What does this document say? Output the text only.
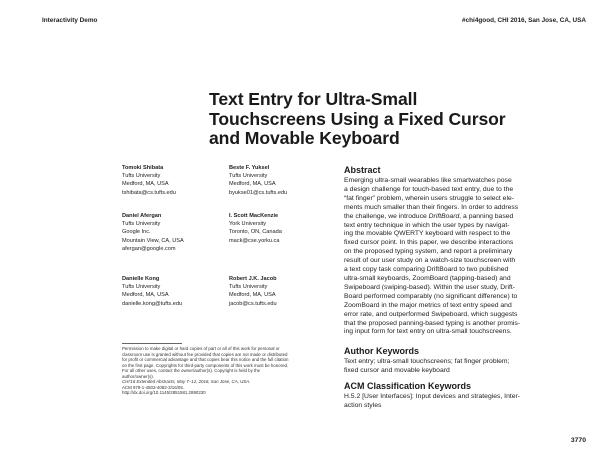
Interactivity Demo	#chi4good, CHI 2016, San Jose, CA, USA
Text Entry for Ultra-Small
Touchscreens Using a Fixed Cursor
and Movable Keyboard
Tomoki Shibata
Tufts University
Medford, MA, USA
tshibata@cs.tufts.edu
Beste F. Yuksel
Tufts University
Medford, MA, USA
byukse01@cs.tufts.edu
Daniel Afergan
Tufts University
Google Inc.
Mountain View, CA, USA
afergan@google.com
I. Scott MacKenzie
York University
Toronto, ON, Canada
mack@cse.yorku.ca
Danielle Kong
Tufts University
Medford, MA, USA
danielle.kong@tufts.edu
Robert J.K. Jacob
Tufts University
Medford, MA, USA
jacob@cs.tufts.edu
Permission to make digital or hard copies of part or all of this work for personal or
classroom use is granted without fee provided that copies are not made or distributed
for profit or commercial advantage and that copies bear this notice and the full citation
on the first page. Copyrights for third-party components of this work must be honored.
For all other uses, contact the owner/author(s). Copyright is held by the
author/owner(s).
CHI'16 Extended Abstracts, May 7–12, 2016, San Jose, CA, USA.
ACM 978-1-4503-4082-3/16/05.
http://dx.doi.org/10.1145/2851581.2890230
Abstract
Emerging ultra-small wearables like smartwatches pose
a design challenge for touch-based text entry, due to the
“fat finger” problem, wherein users struggle to select ele-
ments much smaller than their fingers. In order to address
the challenge, we introduce DriftBoard, a panning based
text entry technique in which the user types by navigat-
ing the movable QWERTY keyboard with respect to the
fixed cursor point. In this paper, we describe interactions
on the proposed typing system, and report a preliminary
result of our user study on a watch-size touchscreen with
a text copy task comparing DriftBoard to two published
ultra-small keyboards, ZoomBoard (tapping-based) and
Swipeboard (swiping-based). Within the user study, Drift-
Board performed comparably (no significant difference) to
ZoomBoard in the major metrics of text entry speed and
error rate, and outperformed Swipeboard, which suggests
that the proposed panning-based typing is another promis-
ing input form for text entry on ultra-small touchscreens.
Author Keywords
Text entry; ultra-small touchscreens; fat finger problem;
fixed cursor and movable keyboard
ACM Classification Keywords
H.5.2 [User Interfaces]: Input devices and strategies, Inter-
action styles
3770
